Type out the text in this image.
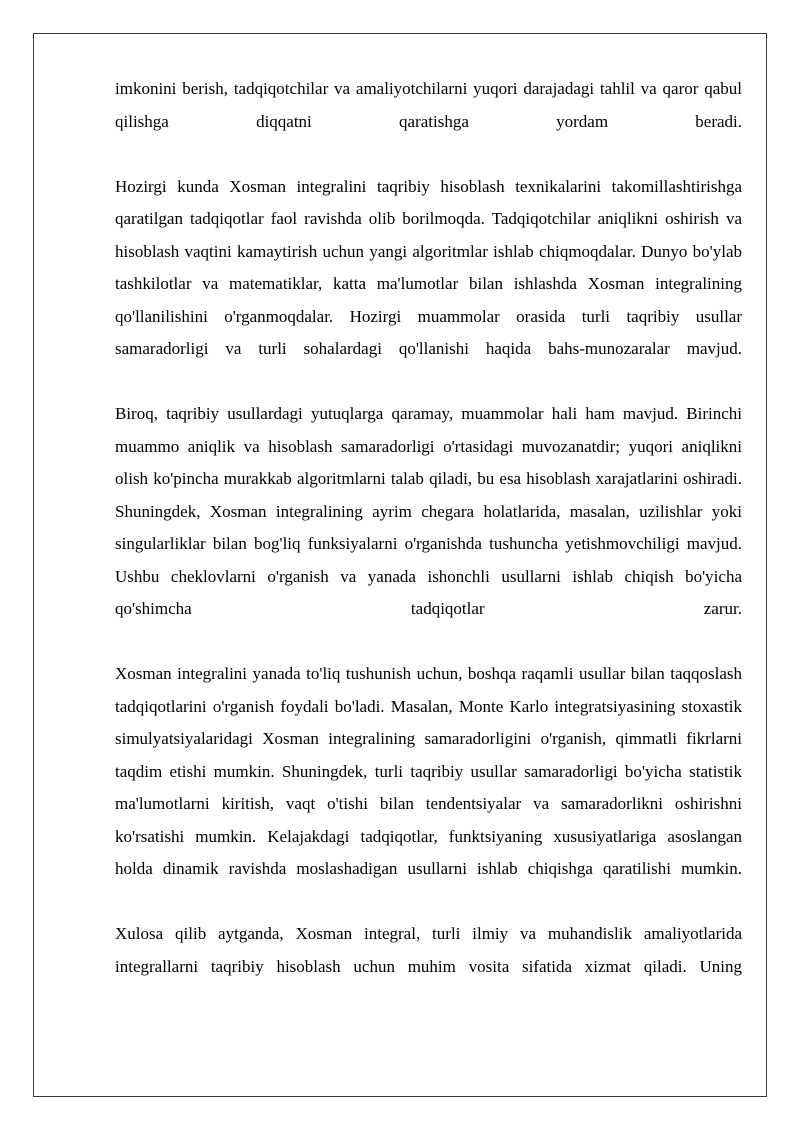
imkonini berish, tadqiqotchilar va amaliyotchilarni yuqori darajadagi tahlil va qaror qabul qilishga diqqatni qaratishga yordam beradi.

Hozirgi kunda Xosman integralini taqribiy hisoblash texnikalarini takomillashtirishga qaratilgan tadqiqotlar faol ravishda olib borilmoqda. Tadqiqotchilar aniqlikni oshirish va hisoblash vaqtini kamaytirish uchun yangi algoritmlar ishlab chiqmoqdalar. Dunyo bo'ylab tashkilotlar va matematiklar, katta ma'lumotlar bilan ishlashda Xosman integralining qo'llanilishini o'rganmoqdalar. Hozirgi muammolar orasida turli taqribiy usullar samaradorligi va turli sohalardagi qo'llanishi haqida bahs-munozaralar mavjud.

Biroq, taqribiy usullardagi yutuqlarga qaramay, muammolar hali ham mavjud. Birinchi muammo aniqlik va hisoblash samaradorligi o'rtasidagi muvozanatdir; yuqori aniqlikni olish ko'pincha murakkab algoritmlarni talab qiladi, bu esa hisoblash xarajatlarini oshiradi. Shuningdek, Xosman integralining ayrim chegara holatlarida, masalan, uzilishlar yoki singularliklar bilan bog'liq funksiyalarni o'rganishda tushuncha yetishmovchiligi mavjud. Ushbu cheklovlarni o'rganish va yanada ishonchli usullarni ishlab chiqish bo'yicha qo'shimcha tadqiqotlar zarur.

Xosman integralini yanada to'liq tushunish uchun, boshqa raqamli usullar bilan taqqoslash tadqiqotlarini o'rganish foydali bo'ladi. Masalan, Monte Karlo integratsiyasining stoxastik simulyatsiyalaridagi Xosman integralining samaradorligini o'rganish, qimmatli fikrlarni taqdim etishi mumkin. Shuningdek, turli taqribiy usullar samaradorligi bo'yicha statistik ma'lumotlarni kiritish, vaqt o'tishi bilan tendentsiyalar va samaradorlikni oshirishni ko'rsatishi mumkin. Kelajakdagi tadqiqotlar, funktsiyaning xususiyatlariga asoslangan holda dinamik ravishda moslashadigan usullarni ishlab chiqishga qaratilishi mumkin.

Xulosa qilib aytganda, Xosman integral, turli ilmiy va muhandislik amaliyotlarida integrallarni taqribiy hisoblash uchun muhim vosita sifatida xizmat qiladi. Uning
